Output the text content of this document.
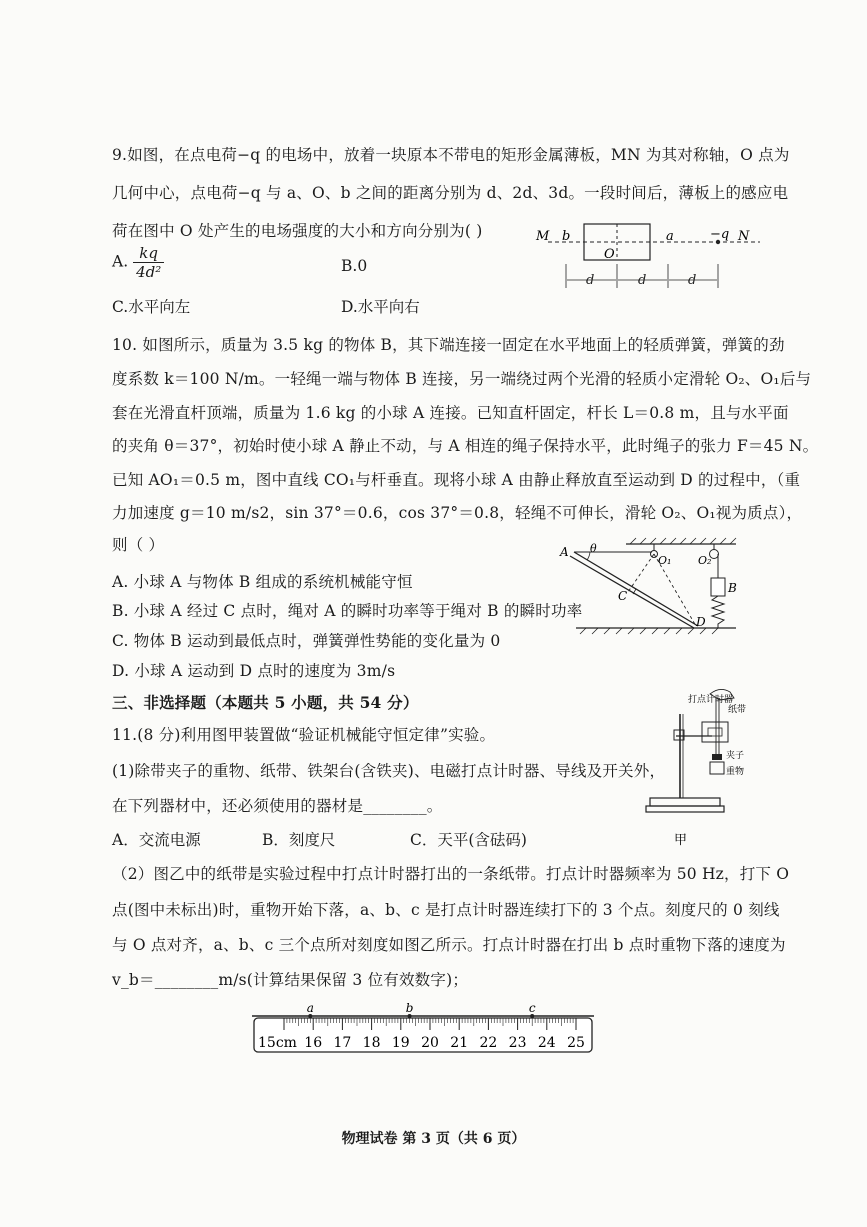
9.如图，在点电荷−q 的电场中，放着一块原本不带电的矩形金属薄板，MN 为其对称轴，O 点为
几何中心，点电荷−q 与 a、O、b 之间的距离分别为 d、2d、3d。一段时间后，薄板上的感应电
荷在图中 O 处产生的电场强度的大小和方向分别为( )
A. $\frac{kq}{\text{4d²}}$	B.0
C.水平向左	D.水平向右
M b
O
a	−q N
d	d	d
10. 如图所示，质量为 3.5 kg 的物体 B，其下端连接一固定在水平地面上的轻质弹簧，弹簧的劲
度系数 k＝100 N/m。一轻绳一端与物体 B 连接，另一端绕过两个光滑的轻质小定滑轮 O₂、O₁后与
套在光滑直杆顶端，质量为 1.6 kg 的小球 A 连接。已知直杆固定，杆长 L＝0.8 m，且与水平面
的夹角 θ＝37°，初始时使小球 A 静止不动，与 A 相连的绳子保持水平，此时绳子的张力 F＝45 N。
已知 AO₁＝0.5 m，图中直线 CO₁与杆垂直。现将小球 A 由静止释放直至运动到 D 的过程中，（重
力加速度 g＝10 m/s2，sin 37°＝0.6，cos 37°＝0.8，轻绳不可伸长，滑轮 O₂、O₁视为质点），
则（ ）
A. 小球 A 与物体 B 组成的系统机械能守恒
B. 小球 A 经过 C 点时，绳对 A 的瞬时功率等于绳对 B 的瞬时功率
C. 物体 B 运动到最低点时，弹簧弹性势能的变化量为 0
D. 小球 A 运动到 D 点时的速度为 3m/s
A θ
O₁ O₂
C
D
B
三、非选择题（本题共 5 小题，共 54 分）
11.(8 分)利用图甲装置做“验证机械能守恒定律”实验。
(1)除带夹子的重物、纸带、铁架台(含铁夹)、电磁打点计时器、导线及开关外，
在下列器材中，还必须使用的器材是________。
A．交流电源	B．刻度尺	C．天平(含砝码)
打点计时器
纸带
夹子
重物
甲
（2）图乙中的纸带是实验过程中打点计时器打出的一条纸带。打点计时器频率为 50 Hz，打下 O
点(图中未标出)时，重物开始下落，a、b、c 是打点计时器连续打下的 3 个点。刻度尺的 0 刻线
与 O 点对齐，a、b、c 三个点所对刻度如图乙所示。打点计时器在打出 b 点时重物下落的速度为
v_b＝________m/s(计算结果保留 3 位有效数字)；
15cm 16 17 18 19 20 21 22 23 24 25
a	b	c
物理试卷 第 3 页（共 6 页）
